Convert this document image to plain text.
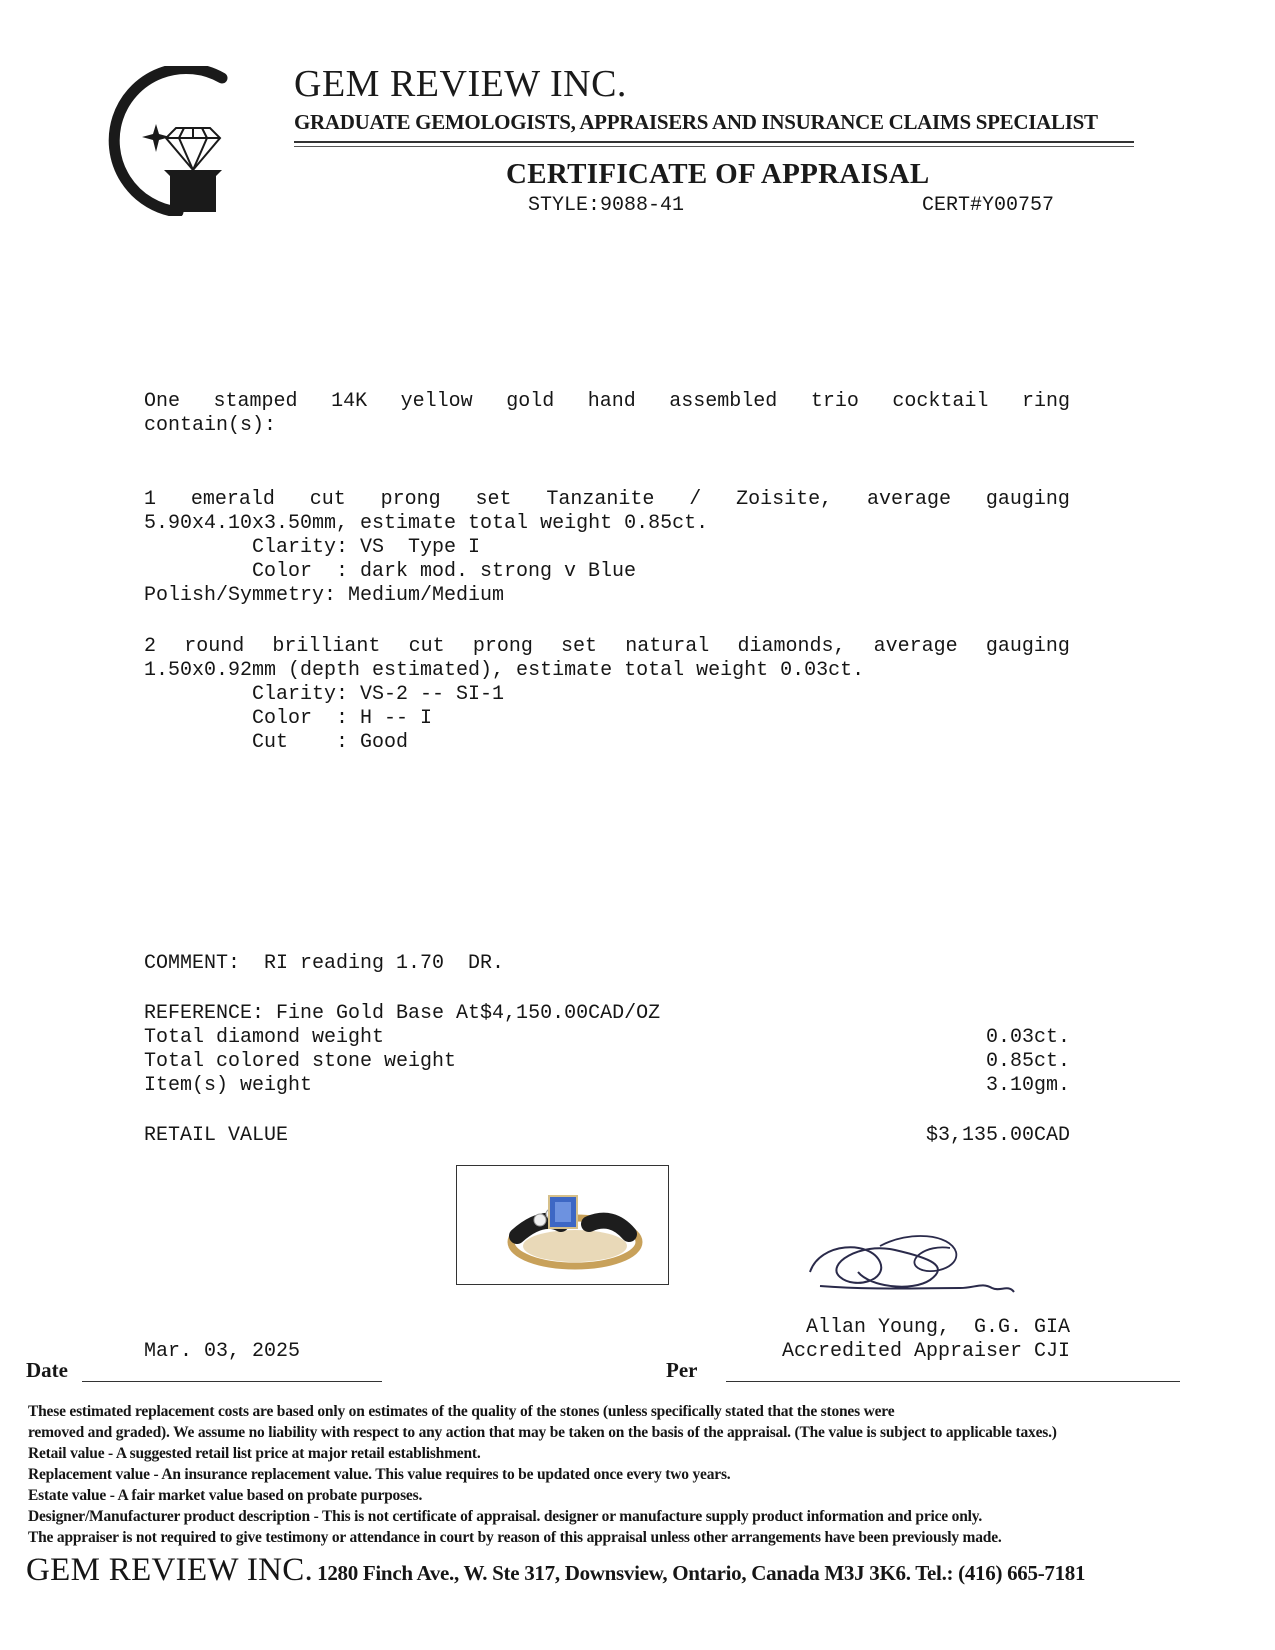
GEM REVIEW INC.
GRADUATE GEMOLOGISTS, APPRAISERS AND INSURANCE CLAIMS SPECIALIST
CERTIFICATE OF APPRAISAL
STYLE:9088-41	CERT#Y00757
One stamped 14K yellow gold hand assembled trio cocktail ring
contain(s):
1 emerald cut prong set Tanzanite / Zoisite, average gauging
5.90x4.10x3.50mm, estimate total weight 0.85ct.
Clarity: VS  Type I
Color  : dark mod. strong v Blue
Polish/Symmetry: Medium/Medium
2 round brilliant cut prong set natural diamonds, average gauging
1.50x0.92mm (depth estimated), estimate total weight 0.03ct.
Clarity: VS-2 -- SI-1
Color  : H -- I
Cut    : Good
COMMENT:  RI reading 1.70  DR.
REFERENCE: Fine Gold Base At$4,150.00CAD/OZ
Total diamond weight	0.03ct.
Total colored stone weight	0.85ct.
Item(s) weight	3.10gm.
RETAIL VALUE	$3,135.00CAD
Allan Young,  G.G. GIA
Accredited Appraiser CJI
Mar. 03, 2025
Date	Per
These estimated replacement costs are based only on estimates of the quality of the stones (unless specifically stated that the stones were
removed and graded). We assume no liability with respect to any action that may be taken on the basis of the appraisal. (The value is subject to applicable taxes.)
Retail value - A suggested retail list price at major retail establishment.
Replacement value - An insurance replacement value. This value requires to be updated once every two years.
Estate value - A fair market value based on probate purposes.
Designer/Manufacturer product description - This is not certificate of appraisal. designer or manufacture supply product information and price only.
The appraiser is not required to give testimony or attendance in court by reason of this appraisal unless other arrangements have been previously made.
GEM REVIEW INC. 1280 Finch Ave., W. Ste 317, Downsview, Ontario, Canada M3J 3K6. Tel.: (416) 665-7181
